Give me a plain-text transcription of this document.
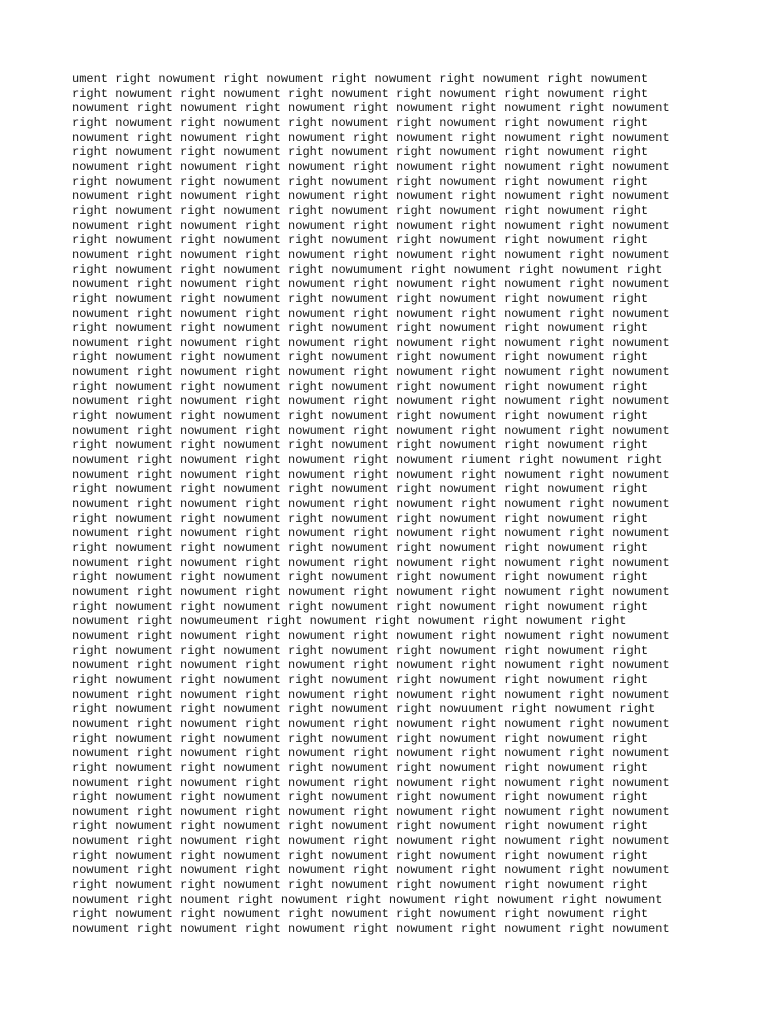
ument right nowument right nowument right nowument right nowument right nowument
right nowument right nowument right nowument right nowument right nowument right
nowument right nowument right nowument right nowument right nowument right nowument
right nowument right nowument right nowument right nowument right nowument right
nowument right nowument right nowument right nowument right nowument right nowument
right nowument right nowument right nowument right nowument right nowument right
nowument right nowument right nowument right nowument right nowument right nowument
right nowument right nowument right nowument right nowument right nowument right
nowument right nowument right nowument right nowument right nowument right nowument
right nowument right nowument right nowument right nowument right nowument right
nowument right nowument right nowument right nowument right nowument right nowument
right nowument right nowument right nowument right nowument right nowument right
nowument right nowument right nowument right nowument right nowument right nowument
right nowument right nowument right nowumument right nowument right nowument right
nowument right nowument right nowument right nowument right nowument right nowument
right nowument right nowument right nowument right nowument right nowument right
nowument right nowument right nowument right nowument right nowument right nowument
right nowument right nowument right nowument right nowument right nowument right
nowument right nowument right nowument right nowument right nowument right nowument
right nowument right nowument right nowument right nowument right nowument right
nowument right nowument right nowument right nowument right nowument right nowument
right nowument right nowument right nowument right nowument right nowument right
nowument right nowument right nowument right nowument right nowument right nowument
right nowument right nowument right nowument right nowument right nowument right
nowument right nowument right nowument right nowument right nowument right nowument
right nowument right nowument right nowument right nowument right nowument right
nowument right nowument right nowument right nowument riument right nowument right
nowument right nowument right nowument right nowument right nowument right nowument
right nowument right nowument right nowument right nowument right nowument right
nowument right nowument right nowument right nowument right nowument right nowument
right nowument right nowument right nowument right nowument right nowument right
nowument right nowument right nowument right nowument right nowument right nowument
right nowument right nowument right nowument right nowument right nowument right
nowument right nowument right nowument right nowument right nowument right nowument
right nowument right nowument right nowument right nowument right nowument right
nowument right nowument right nowument right nowument right nowument right nowument
right nowument right nowument right nowument right nowument right nowument right
nowument right nowumeument right nowument right nowument right nowument right
nowument right nowument right nowument right nowument right nowument right nowument
right nowument right nowument right nowument right nowument right nowument right
nowument right nowument right nowument right nowument right nowument right nowument
right nowument right nowument right nowument right nowument right nowument right
nowument right nowument right nowument right nowument right nowument right nowument
right nowument right nowument right nowument right nowuument right nowument right
nowument right nowument right nowument right nowument right nowument right nowument
right nowument right nowument right nowument right nowument right nowument right
nowument right nowument right nowument right nowument right nowument right nowument
right nowument right nowument right nowument right nowument right nowument right
nowument right nowument right nowument right nowument right nowument right nowument
right nowument right nowument right nowument right nowument right nowument right
nowument right nowument right nowument right nowument right nowument right nowument
right nowument right nowument right nowument right nowument right nowument right
nowument right nowument right nowument right nowument right nowument right nowument
right nowument right nowument right nowument right nowument right nowument right
nowument right nowument right nowument right nowument right nowument right nowument
right nowument right nowument right nowument right nowument right nowument right
nowument right noument right nowument right nowument right nowument right nowument
right nowument right nowument right nowument right nowument right nowument right
nowument right nowument right nowument right nowument right nowument right nowument
